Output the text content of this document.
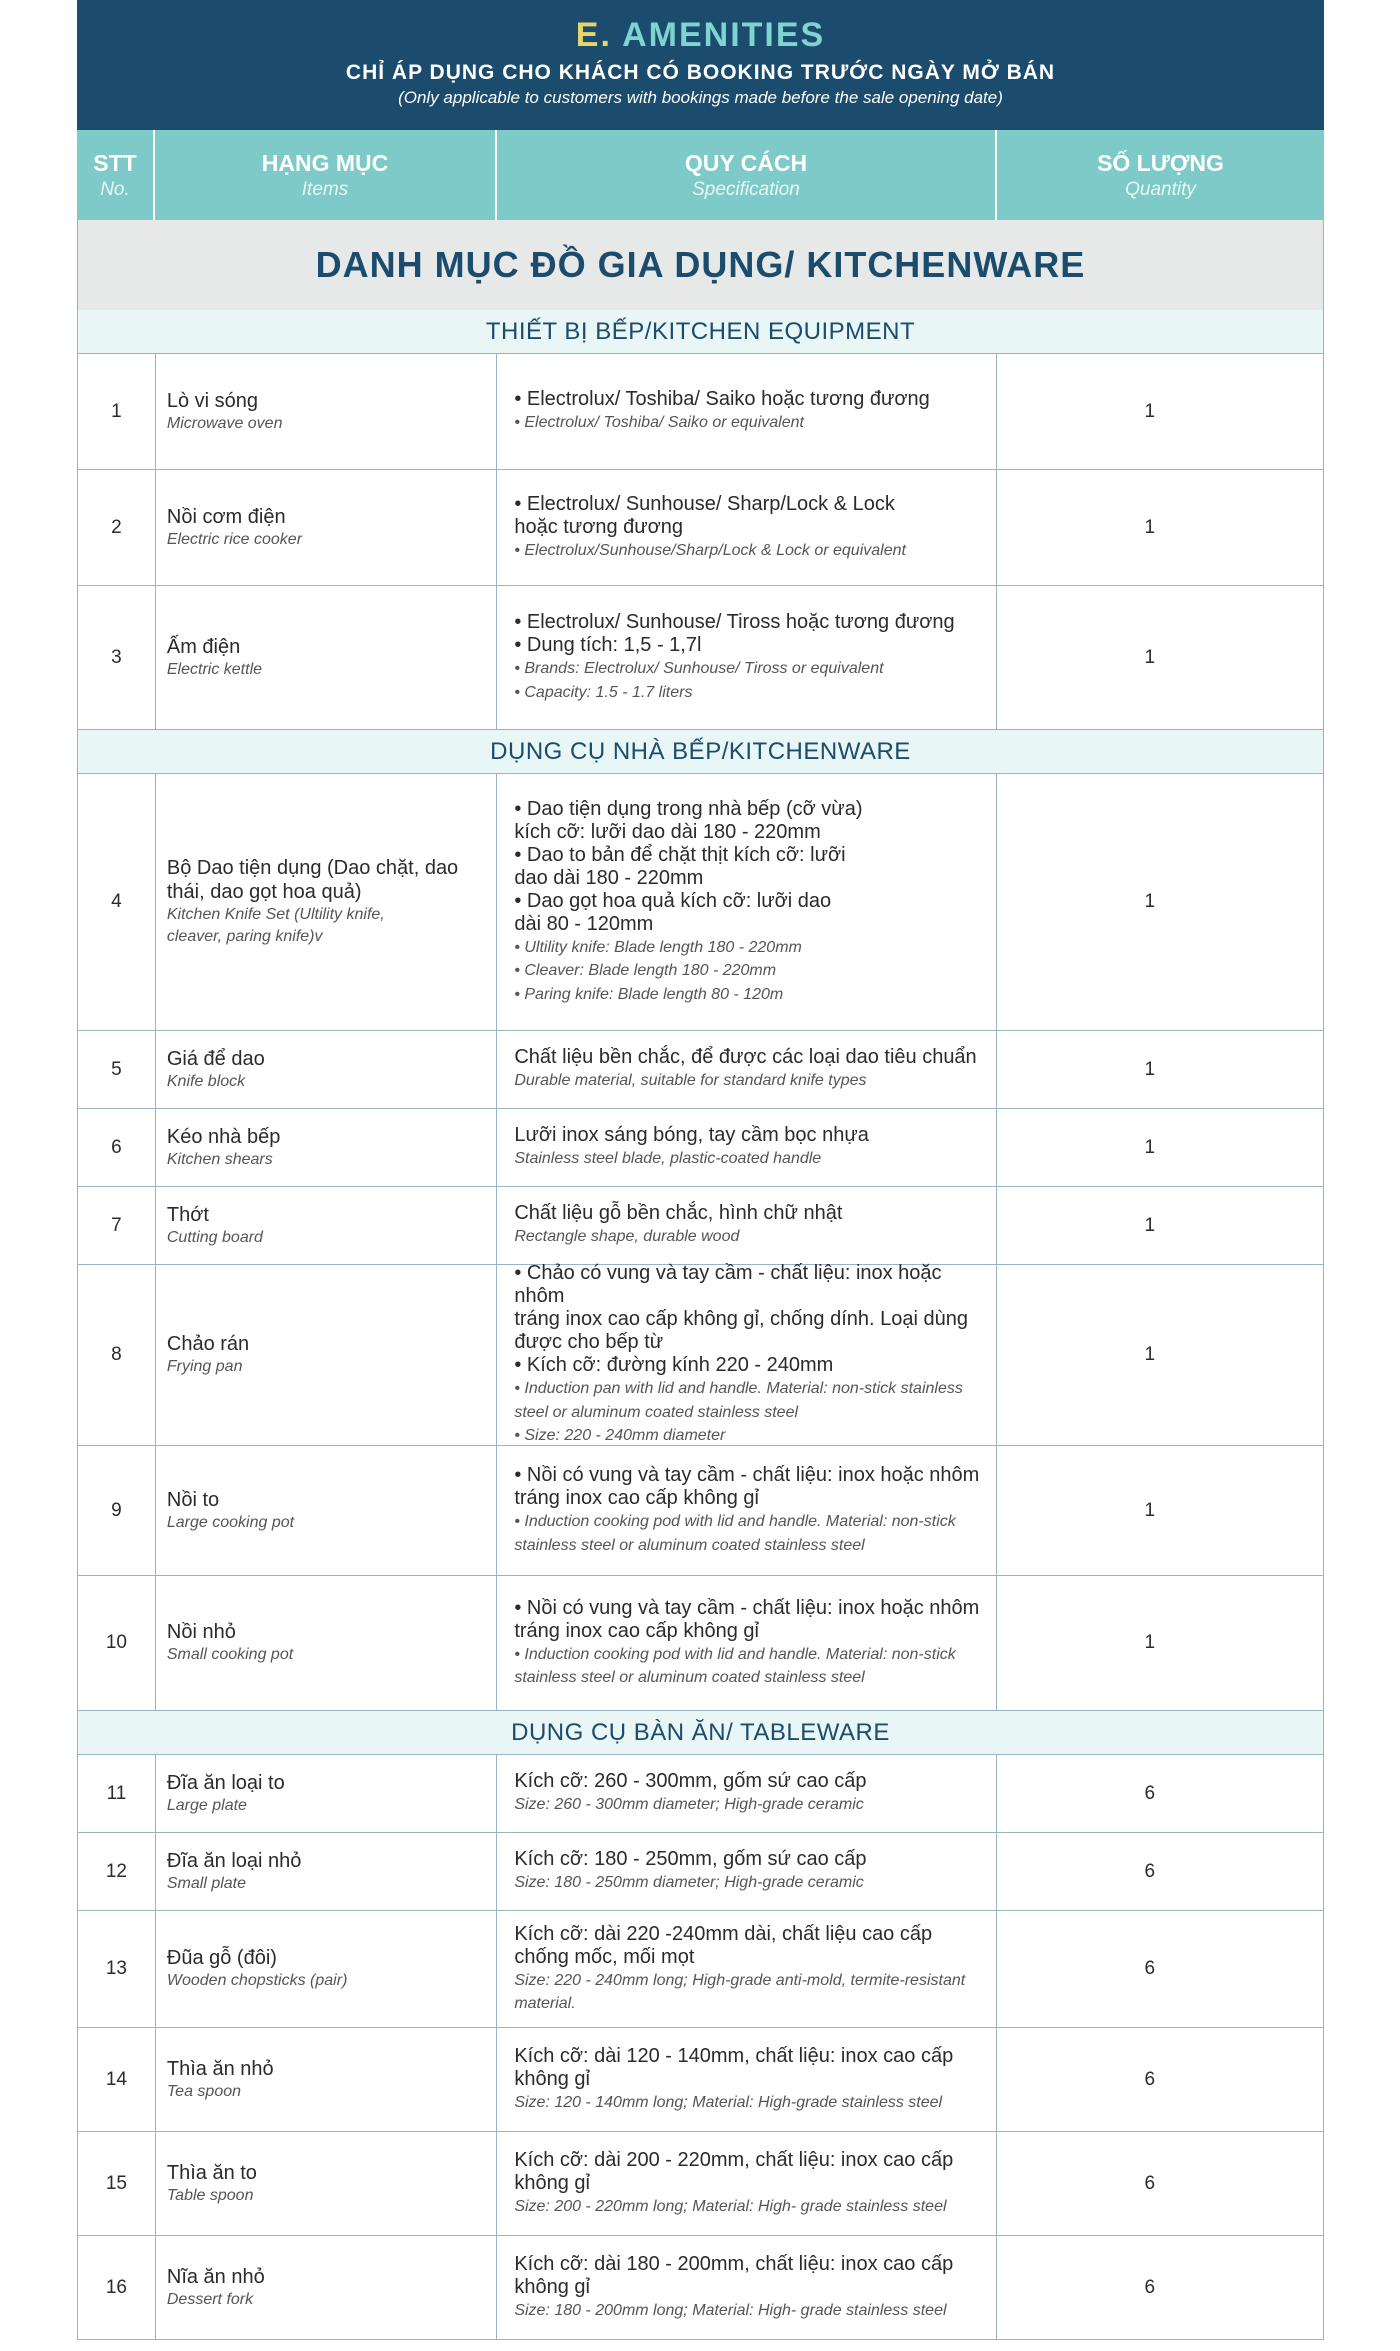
E. AMENITIES
CHỈ ÁP DỤNG CHO KHÁCH CÓ BOOKING TRƯỚC NGÀY MỞ BÁN
(Only applicable to customers with bookings made before the sale opening date)
STT
No.
HẠNG MỤC
Items
QUY CÁCH
Specification
SỐ LƯỢNG
Quantity
DANH MỤC ĐỒ GIA DỤNG/ KITCHENWARE
THIẾT BỊ BẾP/KITCHEN EQUIPMENT
1 Lò vi sóng
Microwave oven
• Electrolux/ Toshiba/ Saiko hoặc tương đương
• Electrolux/ Toshiba/ Saiko or equivalent
1
2 Nồi cơm điện
Electric rice cooker
• Electrolux/ Sunhouse/ Sharp/Lock & Lock
hoặc tương đương
• Electrolux/Sunhouse/Sharp/Lock & Lock or equivalent
1
3 Ấm điện
Electric kettle
• Electrolux/ Sunhouse/ Tiross hoặc tương đương
• Dung tích: 1,5 - 1,7l
• Brands: Electrolux/ Sunhouse/ Tiross or equivalent
• Capacity: 1.5 - 1.7 liters
1
DỤNG CỤ NHÀ BẾP/KITCHENWARE
4
Bộ Dao tiện dụng (Dao chặt, dao
thái, dao gọt hoa quả)
Kitchen Knife Set (Ultility knife,
cleaver, paring knife)v
• Dao tiện dụng trong nhà bếp (cỡ vừa)
kích cỡ: lưỡi dao dài 180 - 220mm
• Dao to bản để chặt thịt kích cỡ: lưỡi
dao dài 180 - 220mm
• Dao gọt hoa quả kích cỡ: lưỡi dao
dài 80 - 120mm
• Ultility knife: Blade length 180 - 220mm
• Cleaver: Blade length 180 - 220mm
• Paring knife: Blade length 80 - 120m
1
5 Giá để dao
Knife block
Chất liệu bền chắc, để được các loại dao tiêu chuẩn
Durable material, suitable for standard knife types
1
6 Kéo nhà bếp
Kitchen shears
Lưỡi inox sáng bóng, tay cầm bọc nhựa
Stainless steel blade, plastic-coated handle
1
7 Thớt
Cutting board
Chất liệu gỗ bền chắc, hình chữ nhật
Rectangle shape, durable wood
1
8 Chảo rán
Frying pan
• Chảo có vung và tay cầm - chất liệu: inox hoặc nhôm
tráng inox cao cấp không gỉ, chống dính. Loại dùng
được cho bếp từ
• Kích cỡ: đường kính 220 - 240mm
• Induction pan with lid and handle. Material: non-stick stainless
steel or aluminum coated stainless steel
• Size: 220 - 240mm diameter
1
9 Nồi to
Large cooking pot
• Nồi có vung và tay cầm - chất liệu: inox hoặc nhôm
tráng inox cao cấp không gỉ
• Induction cooking pod with lid and handle. Material: non-stick
stainless steel or aluminum coated stainless steel
1
10 Nồi nhỏ
Small cooking pot
• Nồi có vung và tay cầm - chất liệu: inox hoặc nhôm
tráng inox cao cấp không gỉ
• Induction cooking pod with lid and handle. Material: non-stick
stainless steel or aluminum coated stainless steel
1
DỤNG CỤ BÀN ĂN/ TABLEWARE
11 Đĩa ăn loại to
Large plate
Kích cỡ: 260 - 300mm, gốm sứ cao cấp
Size: 260 - 300mm diameter; High-grade ceramic
6
12 Đĩa ăn loại nhỏ
Small plate
Kích cỡ: 180 - 250mm, gốm sứ cao cấp
Size: 180 - 250mm diameter; High-grade ceramic
6
13 Đũa gỗ (đôi)
Wooden chopsticks (pair)
Kích cỡ: dài 220 -240mm dài, chất liệu cao cấp
chống mốc, mối mọt
Size: 220 - 240mm long; High-grade anti-mold, termite-resistant
material.
6
14 Thìa ăn nhỏ
Tea spoon
Kích cỡ: dài 120 - 140mm, chất liệu: inox cao cấp
không gỉ
Size: 120 - 140mm long; Material: High-grade stainless steel
6
15 Thìa ăn to
Table spoon
Kích cỡ: dài 200 - 220mm, chất liệu: inox cao cấp
không gỉ
Size: 200 - 220mm long; Material: High- grade stainless steel
6
16 Nĩa ăn nhỏ
Dessert fork
Kích cỡ: dài 180 - 200mm, chất liệu: inox cao cấp
không gỉ
Size: 180 - 200mm long; Material: High- grade stainless steel
6
